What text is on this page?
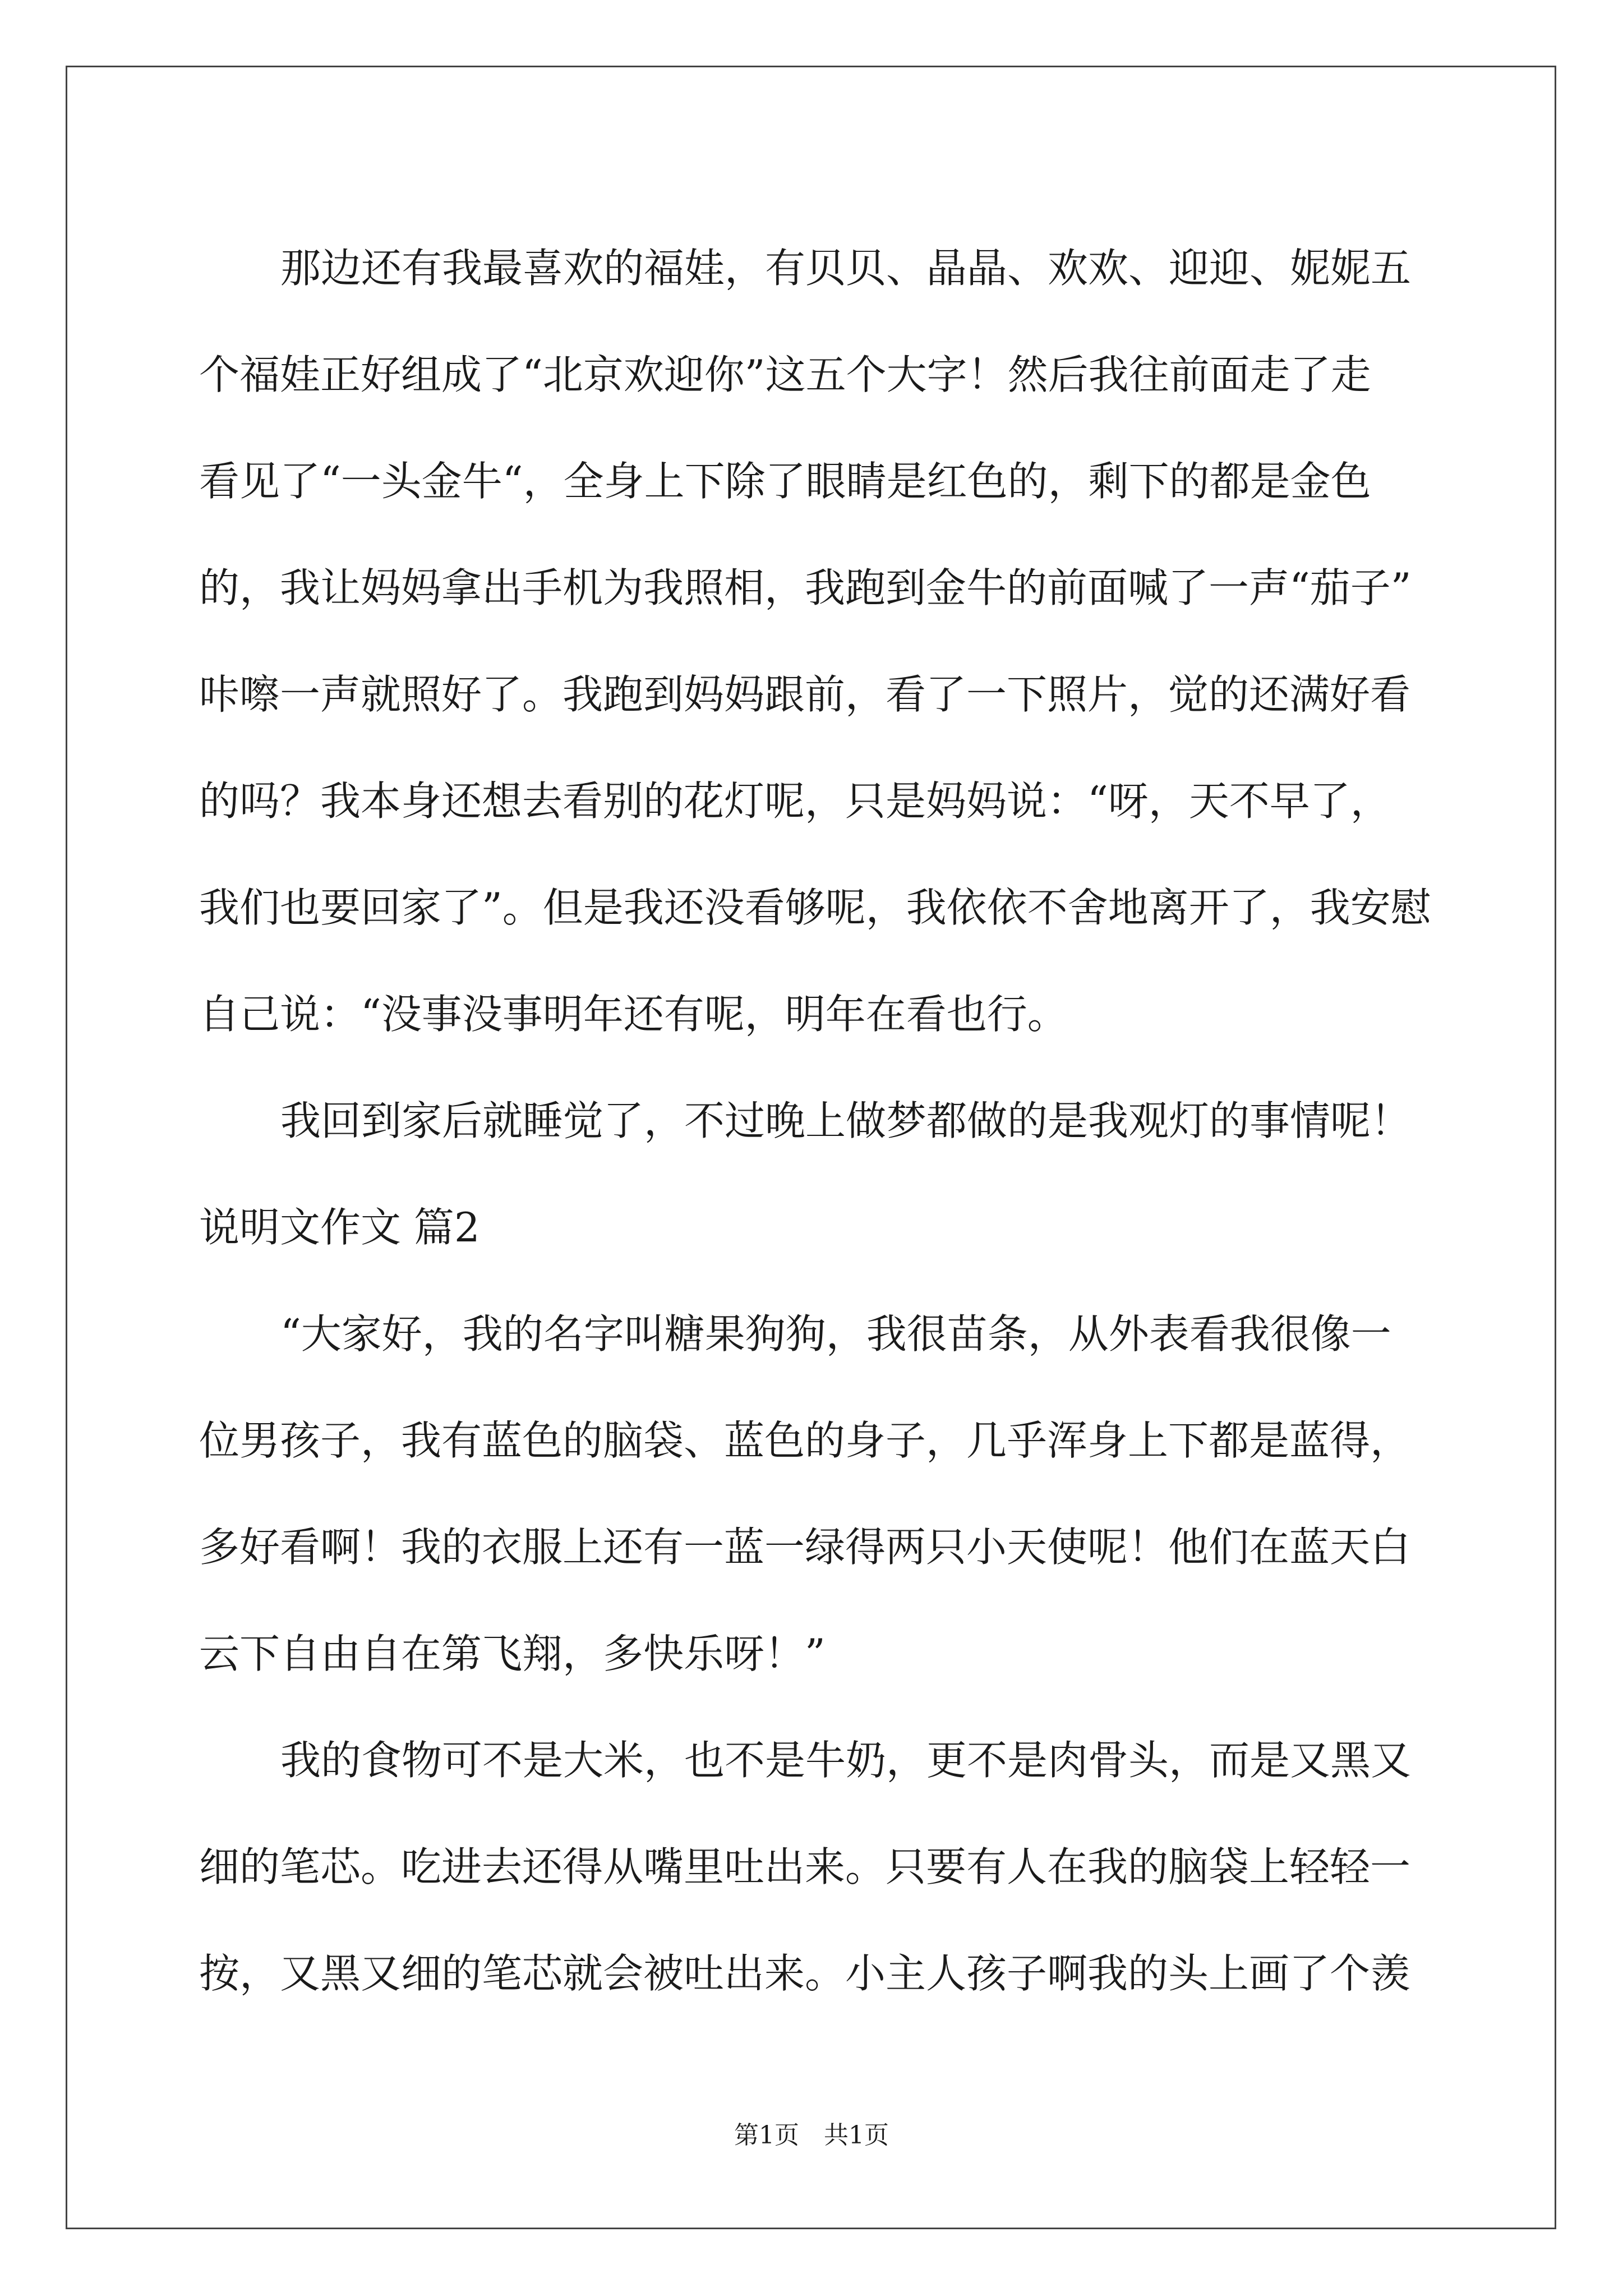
那边还有我最喜欢的福娃，有贝贝、晶晶、欢欢、迎迎、妮妮五
个福娃正好组成了“北京欢迎你”这五个大字！然后我往前面走了走
看见了“一头金牛“，全身上下除了眼睛是红色的，剩下的都是金色
的，我让妈妈拿出手机为我照相，我跑到金牛的前面喊了一声“茄子”
咔嚓一声就照好了。我跑到妈妈跟前，看了一下照片，觉的还满好看
的吗？我本身还想去看别的花灯呢，只是妈妈说：“呀，天不早了，
我们也要回家了”。但是我还没看够呢，我依依不舍地离开了，我安慰
自己说：“没事没事明年还有呢，明年在看也行。
我回到家后就睡觉了，不过晚上做梦都做的是我观灯的事情呢！
说明文作文 篇2
“大家好，我的名字叫糖果狗狗，我很苗条，从外表看我很像一
位男孩子，我有蓝色的脑袋、蓝色的身子，几乎浑身上下都是蓝得，
多好看啊！我的衣服上还有一蓝一绿得两只小天使呢！他们在蓝天白
云下自由自在第飞翔，多快乐呀！”
我的食物可不是大米，也不是牛奶，更不是肉骨头，而是又黑又
细的笔芯。吃进去还得从嘴里吐出来。只要有人在我的脑袋上轻轻一
按，又黑又细的笔芯就会被吐出来。小主人孩子啊我的头上画了个羡
第1页 共1页
